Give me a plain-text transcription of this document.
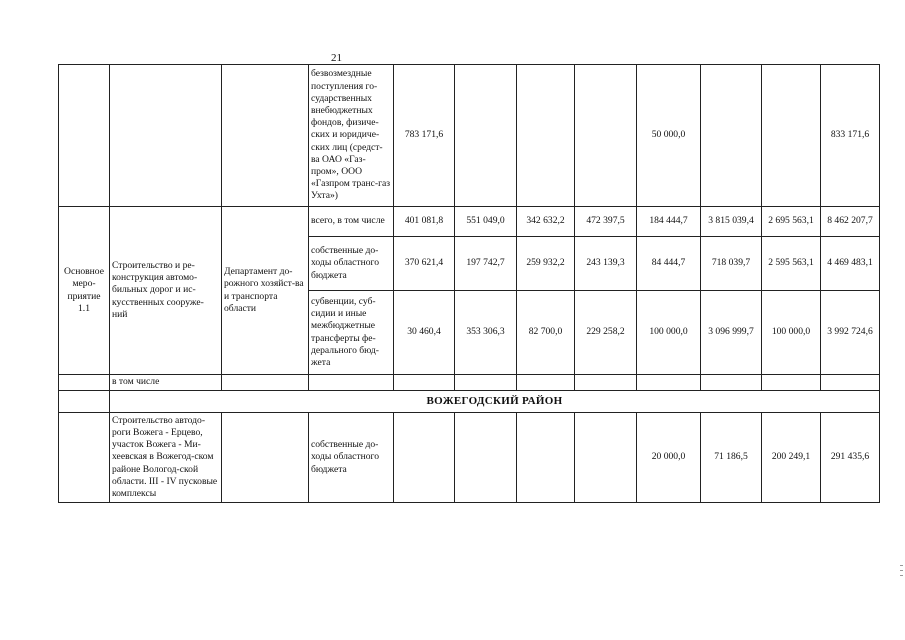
21
			безвозмездные поступления го-сударственных внебюджетных фондов, физиче-ских и юридиче-ских лиц (средст-ва ОАО «Газ-пром», ООО «Газпром транс-газ Ухта»)	783 171,6				50 000,0			833 171,6
Основное меро-приятие 1.1	Строительство и ре-конструкция автомо-бильных дорог и ис-кусственных сооруже-ний	Департамент до-рожного хозяйст-ва и транспорта области	всего, в том числе	401 081,8	551 049,0	342 632,2	472 397,5	184 444,7	3 815 039,4	2 695 563,1	8 462 207,7
			собственные до-ходы областного бюджета	370 621,4	197 742,7	259 932,2	243 139,3	84 444,7	718 039,7	2 595 563,1	4 469 483,1
			субвенции, суб-сидии и иные межбюджетные трансферты фе-дерального бюд-жета	30 460,4	353 306,3	82 700,0	229 258,2	100 000,0	3 096 999,7	100 000,0	3 992 724,6
	в том числе										
	ВОЖЕГОДСКИЙ РАЙОН										
	Строительство автодо-роги Вожега - Ерцево, участок Вожега - Ми-хеевская в Вожегод-ском районе Вологод-ской области. III - IV пусковые комплексы		собственные до-ходы областного бюджета					20 000,0	71 186,5	200 249,1	291 435,6
